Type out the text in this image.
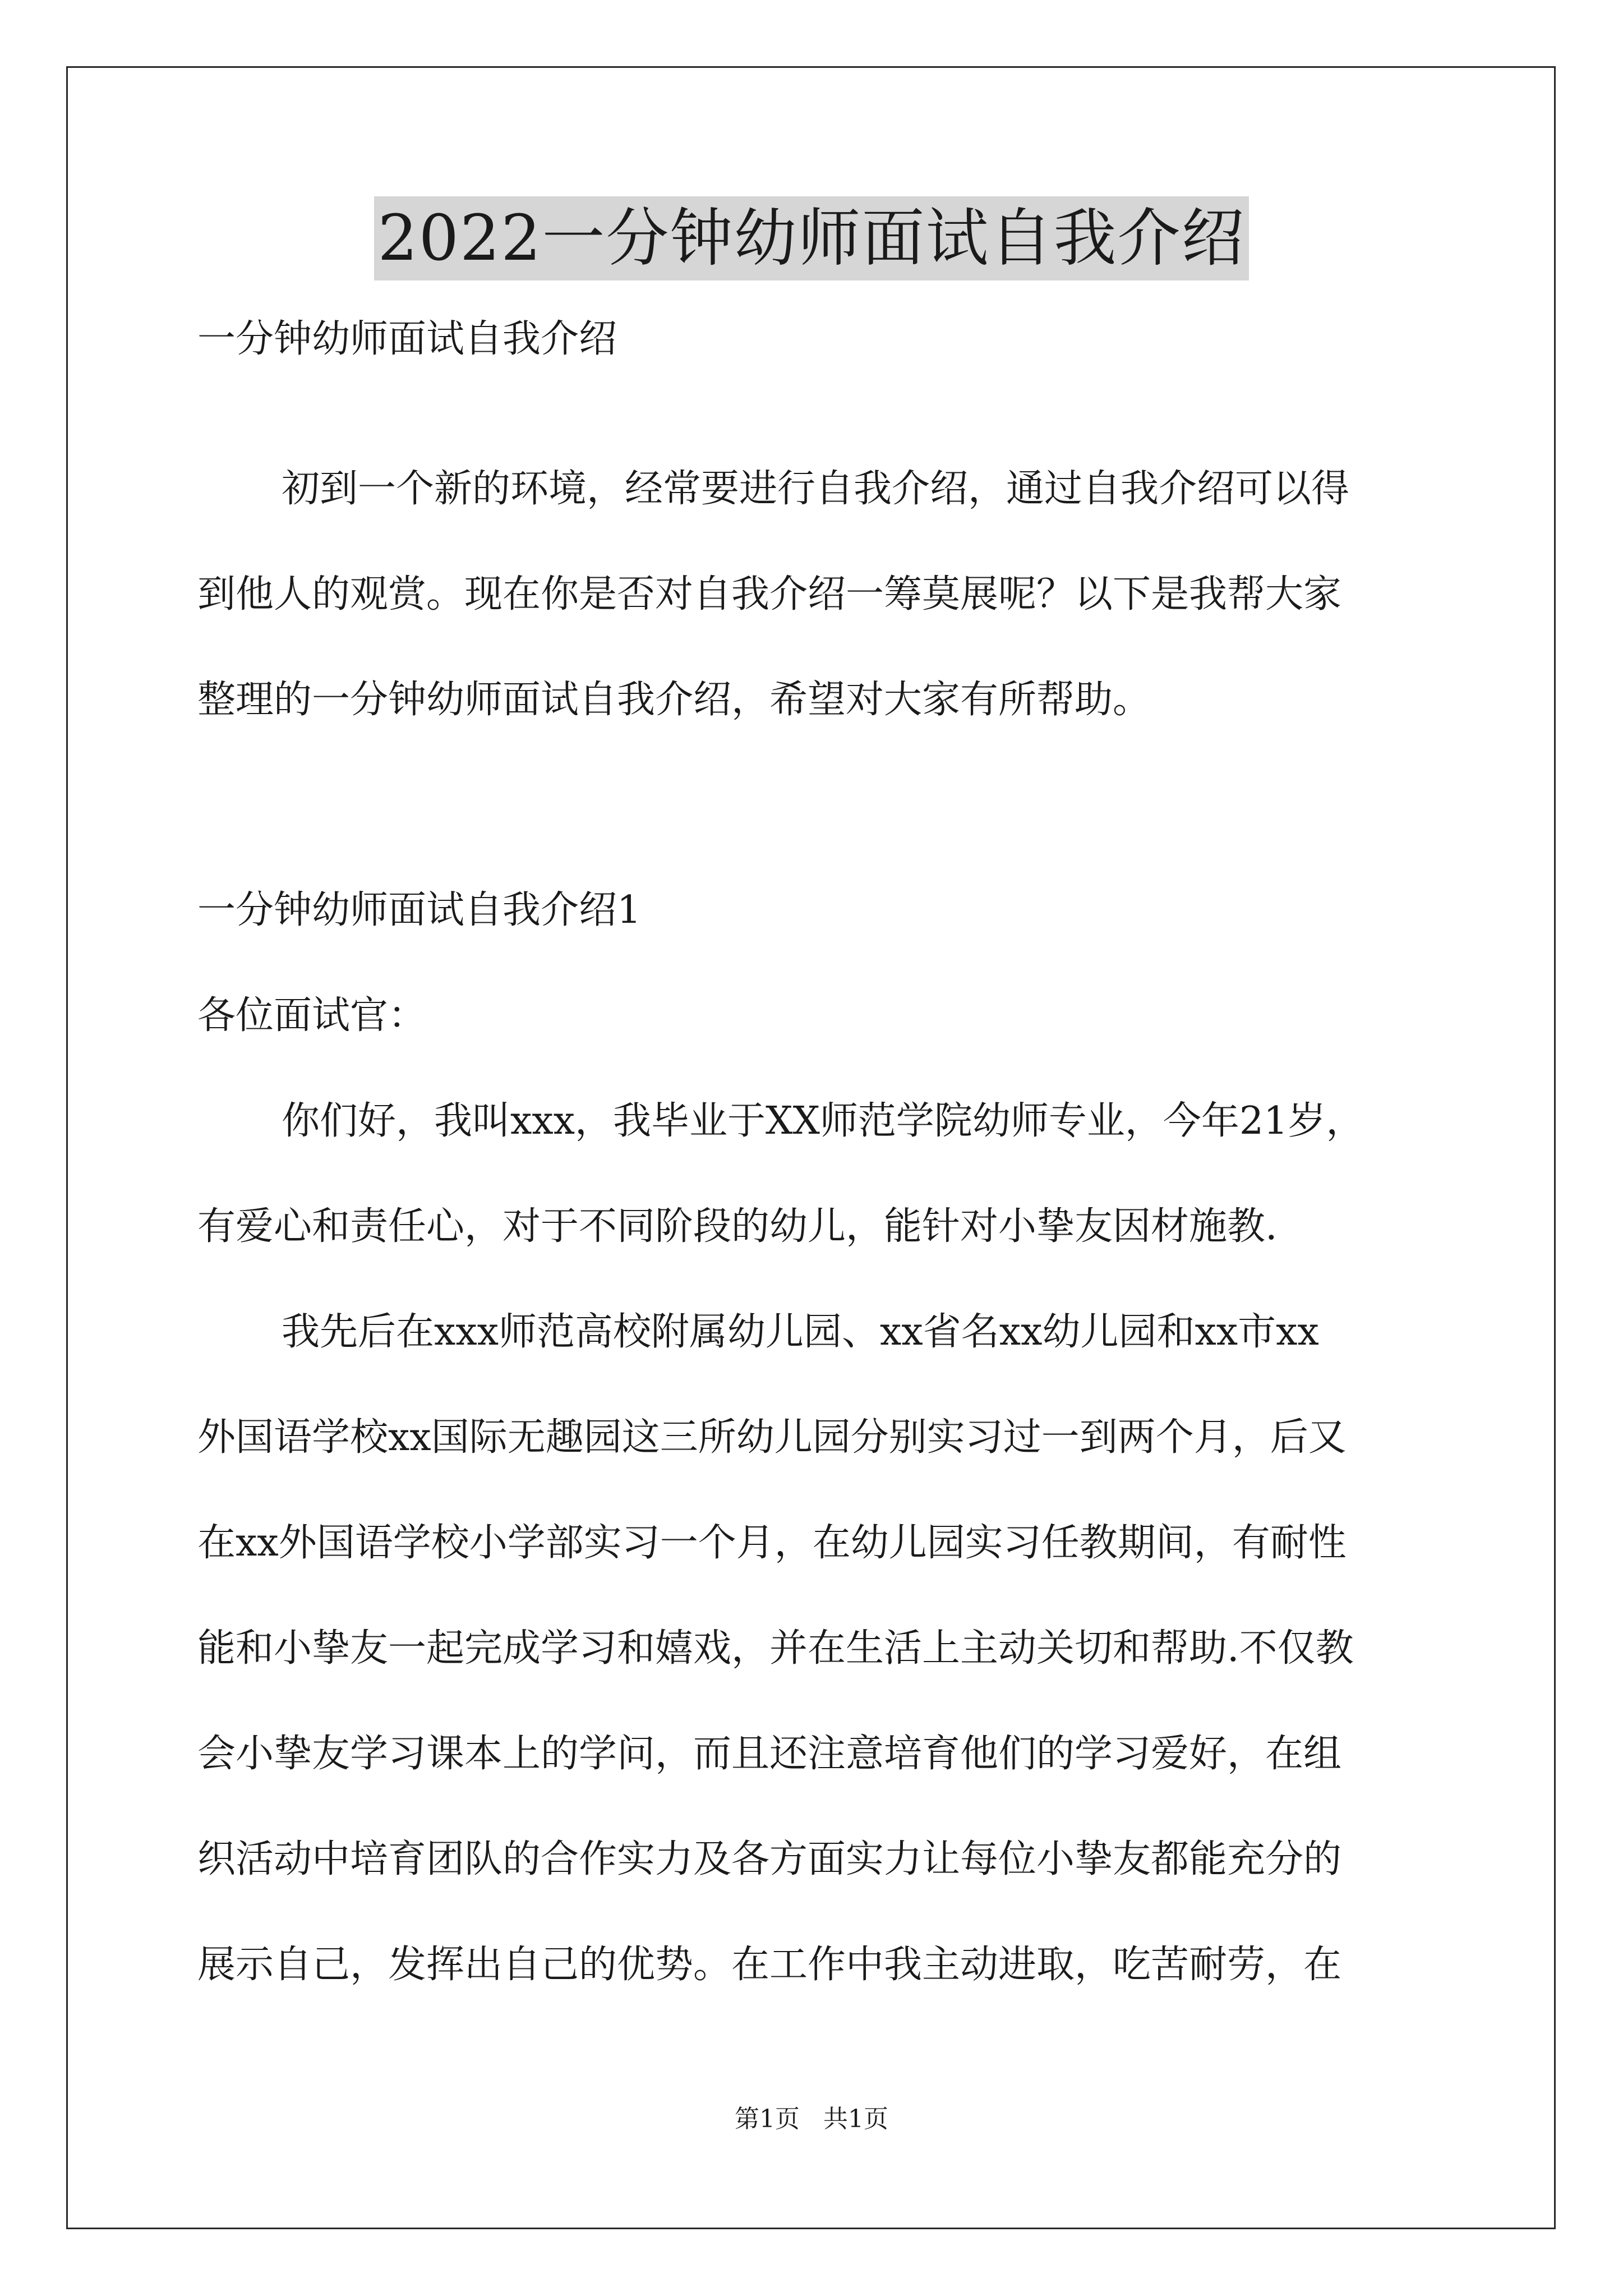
2022一分钟幼师面试自我介绍
一分钟幼师面试自我介绍
初到一个新的环境，经常要进行自我介绍，通过自我介绍可以得
到他人的观赏。现在你是否对自我介绍一筹莫展呢？以下是我帮大家
整理的一分钟幼师面试自我介绍，希望对大家有所帮助。
一分钟幼师面试自我介绍1
各位面试官：
你们好，我叫xxx，我毕业于XX师范学院幼师专业，今年21岁，
有爱心和责任心，对于不同阶段的幼儿，能针对小挚友因材施教.
我先后在xxx师范高校附属幼儿园、xx省名xx幼儿园和xx市xx
外国语学校xx国际无趣园这三所幼儿园分别实习过一到两个月，后又
在xx外国语学校小学部实习一个月，在幼儿园实习任教期间，有耐性
能和小挚友一起完成学习和嬉戏，并在生活上主动关切和帮助.不仅教
会小挚友学习课本上的学问，而且还注意培育他们的学习爱好，在组
织活动中培育团队的合作实力及各方面实力让每位小挚友都能充分的
展示自己，发挥出自己的优势。在工作中我主动进取，吃苦耐劳，在
第1页 共1页
